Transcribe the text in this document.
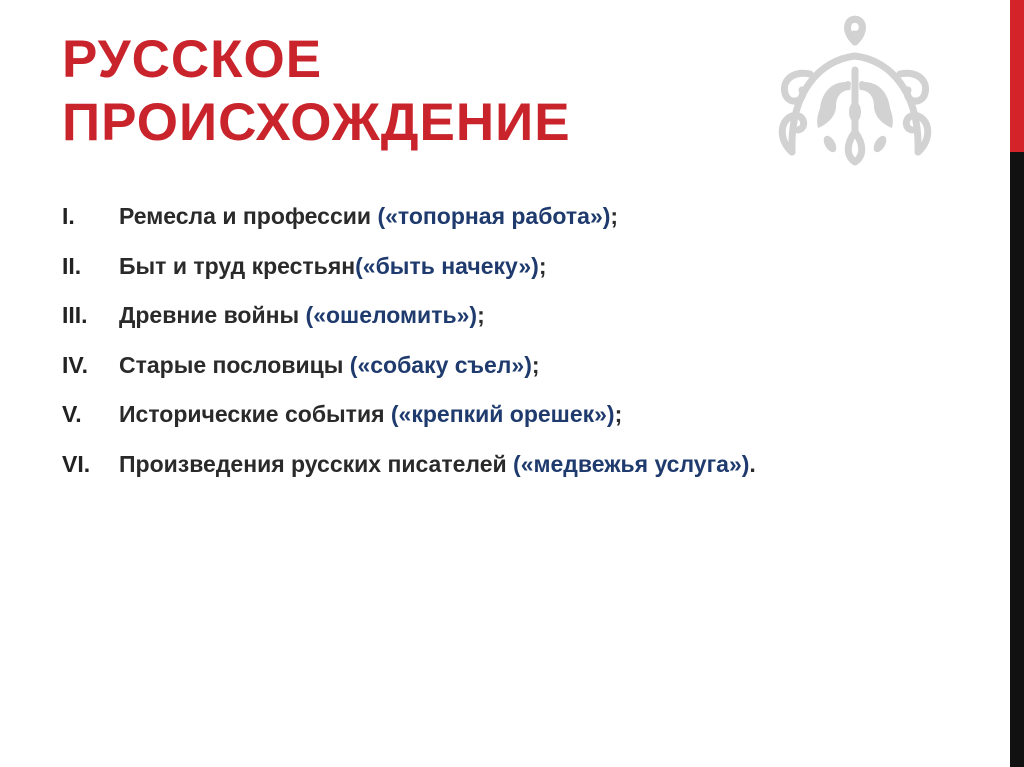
РУССКОЕ
ПРОИСХОЖДЕНИЕ
I. Ремесла и профессии («топорная работа»);
II. Быт и труд крестьян(«быть начеку»);
III. Древние войны («ошеломить»);
IV. Старые пословицы («собаку съел»);
V. Исторические события («крепкий орешек»);
VI. Произведения русских писателей («медвежья услуга»).
